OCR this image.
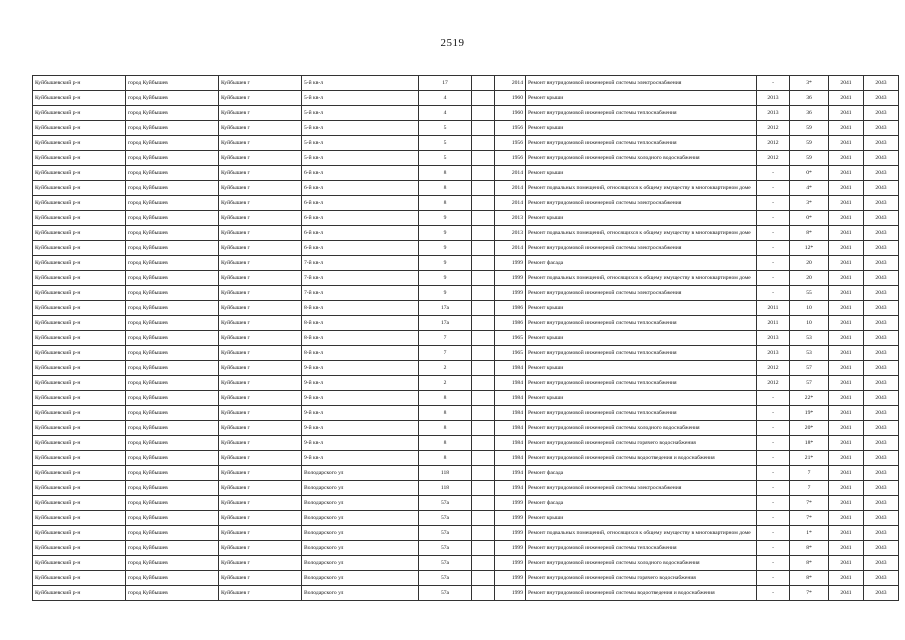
2519
Куйбышевский р-н	город Куйбышев	Куйбышев г	5-й кв-л	17		2014	Ремонт внутридомовой инженерной системы электроснабжения	-	3*	2041	2043
Куйбышевский р-н	город Куйбышев	Куйбышев г	5-й кв-л	4		1960	Ремонт крыши	2013	36	2041	2043
Куйбышевский р-н	город Куйбышев	Куйбышев г	5-й кв-л	4		1960	Ремонт внутридомовой инженерной системы теплоснабжения	2013	36	2041	2043
Куйбышевский р-н	город Куйбышев	Куйбышев г	5-й кв-л	5		1956	Ремонт крыши	2012	59	2041	2043
Куйбышевский р-н	город Куйбышев	Куйбышев г	5-й кв-л	5		1956	Ремонт внутридомовой инженерной системы теплоснабжения	2012	59	2041	2043
Куйбышевский р-н	город Куйбышев	Куйбышев г	5-й кв-л	5		1956	Ремонт внутридомовой инженерной системы холодного водоснабжения	2012	59	2041	2043
Куйбышевский р-н	город Куйбышев	Куйбышев г	6-й кв-л	8		2014	Ремонт крыши	-	0*	2041	2043
Куйбышевский р-н	город Куйбышев	Куйбышев г	6-й кв-л	8		2014	Ремонт подвальных помещений, относящихся к общему имуществу в многоквартирном доме	-	4*	2041	2043
Куйбышевский р-н	город Куйбышев	Куйбышев г	6-й кв-л	8		2014	Ремонт внутридомовой инженерной системы электроснабжения	-	3*	2041	2043
Куйбышевский р-н	город Куйбышев	Куйбышев г	6-й кв-л	9		2013	Ремонт крыши	-	0*	2041	2043
Куйбышевский р-н	город Куйбышев	Куйбышев г	6-й кв-л	9		2013	Ремонт подвальных помещений, относящихся к общему имуществу в многоквартирном доме	-	8*	2041	2043
Куйбышевский р-н	город Куйбышев	Куйбышев г	6-й кв-л	9		2014	Ремонт внутридомовой инженерной системы электроснабжения	-	12*	2041	2043
Куйбышевский р-н	город Куйбышев	Куйбышев г	7-й кв-л	9		1999	Ремонт фасада	-	20	2041	2043
Куйбышевский р-н	город Куйбышев	Куйбышев г	7-й кв-л	9		1999	Ремонт подвальных помещений, относящихся к общему имуществу в многоквартирном доме	-	20	2041	2043
Куйбышевский р-н	город Куйбышев	Куйбышев г	7-й кв-л	9		1999	Ремонт внутридомовой инженерной системы электроснабжения	-	55	2041	2043
Куйбышевский р-н	город Куйбышев	Куйбышев г	8-й кв-л	17а		1986	Ремонт крыши	2011	10	2041	2043
Куйбышевский р-н	город Куйбышев	Куйбышев г	8-й кв-л	17а		1986	Ремонт внутридомовой инженерной системы теплоснабжения	2011	10	2041	2043
Куйбышевский р-н	город Куйбышев	Куйбышев г	8-й кв-л	7		1965	Ремонт крыши	2013	53	2041	2043
Куйбышевский р-н	город Куйбышев	Куйбышев г	8-й кв-л	7		1965	Ремонт внутридомовой инженерной системы теплоснабжения	2013	53	2041	2043
Куйбышевский р-н	город Куйбышев	Куйбышев г	9-й кв-л	2		1984	Ремонт крыши	2012	57	2041	2043
Куйбышевский р-н	город Куйбышев	Куйбышев г	9-й кв-л	2		1984	Ремонт внутридомовой инженерной системы теплоснабжения	2012	57	2041	2043
Куйбышевский р-н	город Куйбышев	Куйбышев г	9-й кв-л	8		1984	Ремонт крыши	-	22*	2041	2043
Куйбышевский р-н	город Куйбышев	Куйбышев г	9-й кв-л	8		1984	Ремонт внутридомовой инженерной системы теплоснабжения	-	19*	2041	2043
Куйбышевский р-н	город Куйбышев	Куйбышев г	9-й кв-л	8		1984	Ремонт внутридомовой инженерной системы холодного водоснабжения	-	20*	2041	2043
Куйбышевский р-н	город Куйбышев	Куйбышев г	9-й кв-л	8		1984	Ремонт внутридомовой инженерной системы горячего водоснабжения	-	18*	2041	2043
Куйбышевский р-н	город Куйбышев	Куйбышев г	9-й кв-л	8		1984	Ремонт внутридомовой инженерной системы водоотведения и водоснабжения	-	21*	2041	2043
Куйбышевский р-н	город Куйбышев	Куйбышев г	Володарского ул	118		1994	Ремонт фасада	-	7	2041	2043
Куйбышевский р-н	город Куйбышев	Куйбышев г	Володарского ул	118		1994	Ремонт внутридомовой инженерной системы электроснабжения	-	7	2041	2043
Куйбышевский р-н	город Куйбышев	Куйбышев г	Володарского ул	57а		1999	Ремонт фасада	-	7*	2041	2043
Куйбышевский р-н	город Куйбышев	Куйбышев г	Володарского ул	57а		1999	Ремонт крыши	-	7*	2041	2043
Куйбышевский р-н	город Куйбышев	Куйбышев г	Володарского ул	57а		1999	Ремонт подвальных помещений, относящихся к общему имуществу в многоквартирном доме	-	1*	2041	2043
Куйбышевский р-н	город Куйбышев	Куйбышев г	Володарского ул	57а		1999	Ремонт внутридомовой инженерной системы теплоснабжения	-	8*	2041	2043
Куйбышевский р-н	город Куйбышев	Куйбышев г	Володарского ул	57а		1999	Ремонт внутридомовой инженерной системы холодного водоснабжения	-	8*	2041	2043
Куйбышевский р-н	город Куйбышев	Куйбышев г	Володарского ул	57а		1999	Ремонт внутридомовой инженерной системы горячего водоснабжения	-	8*	2041	2043
Куйбышевский р-н	город Куйбышев	Куйбышев г	Володарского ул	57а		1999	Ремонт внутридомовой инженерной системы водоотведения и водоснабжения	-	7*	2041	2043
